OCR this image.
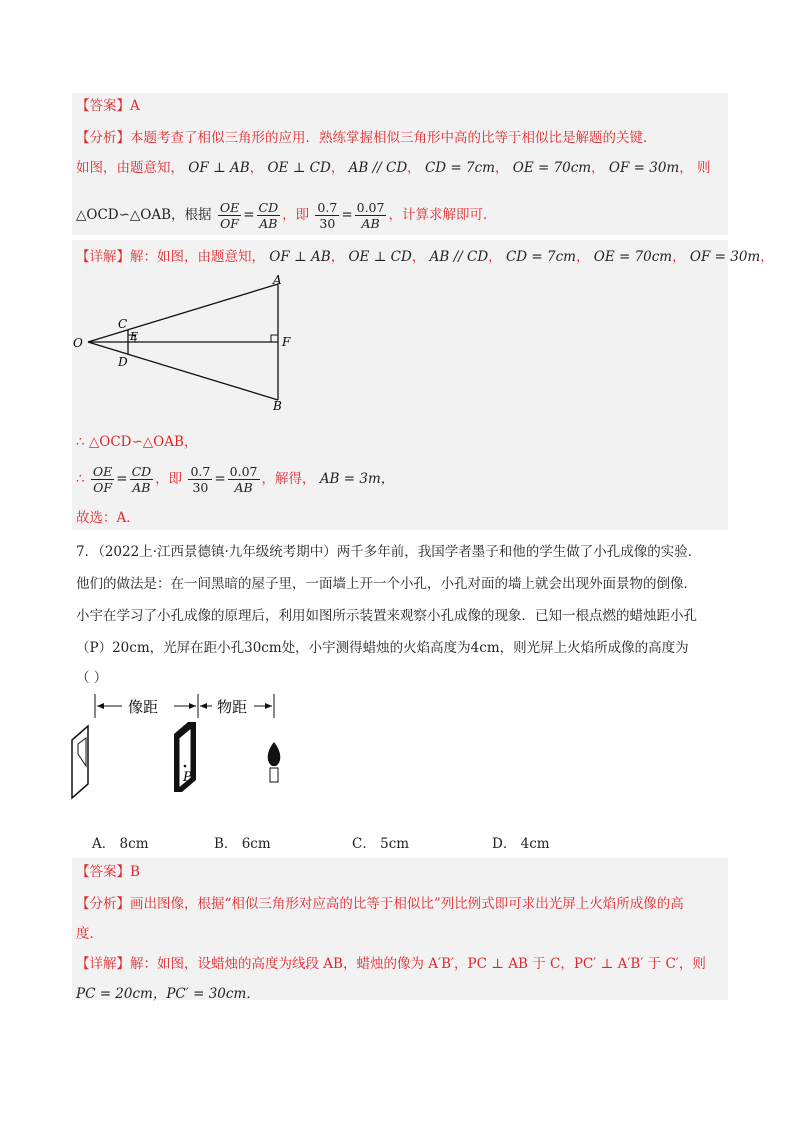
【答案】A
【分析】本题考查了相似三角形的应用．熟练掌握相似三角形中高的比等于相似比是解题的关键．
如图，由题意知， OF ⊥ AB， OE ⊥ CD， AB // CD， CD = 7cm， OE = 70cm， OF = 30m， 则
△OCD∽△OAB，根据 $\frac{OE}{OF} = \frac{CD}{AB}$ ，即 $\frac{0.7}{30} = \frac{0.07}{AB}$ ，计算求解即可．
【详解】解：如图，由题意知， OF ⊥ AB， OE ⊥ CD， AB // CD， CD = 7cm， OE = 70cm， OF = 30m，
A
B
C
D
E	F
O
∴ △OCD∽△OAB，
∴ $\frac{OE}{OF} = \frac{CD}{AB}$ ，即 $\frac{0.7}{30} = \frac{0.07}{AB}$ ，解得， AB = 3m，
故选：A．
7．（2022上·江西景德镇·九年级统考期中）两千多年前，我国学者墨子和他的学生做了小孔成像的实验．
他们的做法是：在一间黑暗的屋子里，一面墙上开一个小孔，小孔对面的墙上就会出现外面景物的倒像．
小宇在学习了小孔成像的原理后，利用如图所示装置来观察小孔成像的现象．已知一根点燃的蜡烛距小孔
（P）20cm，光屏在距小孔30cm处，小宇测得蜡烛的火焰高度为4cm，则光屏上火焰所成像的高度为
（ ）
像距	物距
P
A． 8cm	B． 6cm	C． 5cm	D． 4cm
【答案】B
【分析】画出图像，根据“相似三角形对应高的比等于相似比”列比例式即可求出光屏上火焰所成像的高
度．
【详解】解：如图，设蜡烛的高度为线段 AB，蜡烛的像为 A′B′，PC ⊥ AB 于 C，PC′ ⊥ A′B′ 于 C′，则
PC = 20cm，PC′ = 30cm．
